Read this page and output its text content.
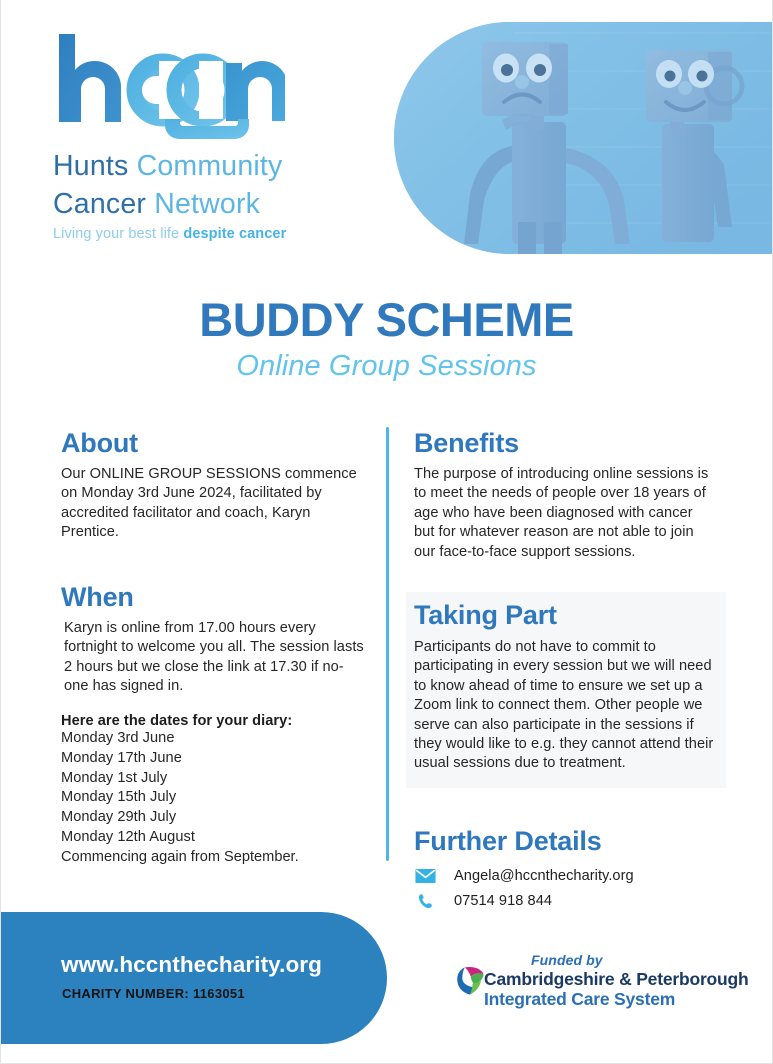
Hunts Community
Cancer Network
Living your best life despite cancer
BUDDY SCHEME
Online Group Sessions
About
Our ONLINE GROUP SESSIONS commence on Monday 3rd June 2024, facilitated by accredited facilitator and coach, Karyn Prentice.
When
Karyn is online from 17.00 hours every fortnight to welcome you all. The session lasts 2 hours but we close the link at 17.30 if no-one has signed in.
Here are the dates for your diary:
Monday 3rd June
Monday 17th June
Monday 1st July
Monday 15th July
Monday 29th July
Monday 12th August
Commencing again from September.
Benefits
The purpose of introducing online sessions is to meet the needs of people over 18 years of age who have been diagnosed with cancer but for whatever reason are not able to join our face-to-face support sessions.
Taking Part
Participants do not have to commit to participating in every session but we will need to know ahead of time to ensure we set up a Zoom link to connect them. Other people we serve can also participate in the sessions if they would like to e.g. they cannot attend their usual sessions due to treatment.
Further Details
Angela@hccnthecharity.org
07514 918 844
www.hccnthecharity.org
CHARITY NUMBER: 1163051
Funded by
Cambridgeshire & Peterborough
Integrated Care System
